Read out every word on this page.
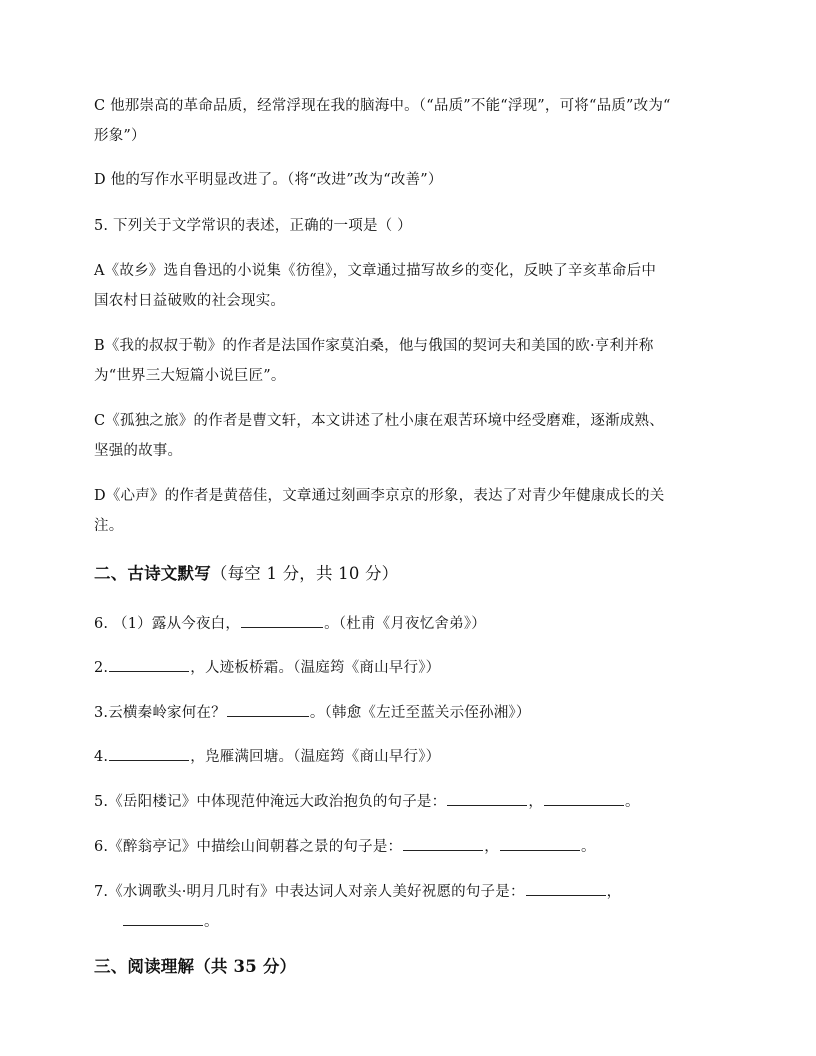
C 他那崇高的革命品质，经常浮现在我的脑海中。（“品质”不能“浮现”，可将“品质”改为“
形象”）
D 他的写作水平明显改进了。（将“改进”改为“改善”）
5. 下列关于文学常识的表述，正确的一项是（ ）
A《故乡》选自鲁迅的小说集《彷徨》，文章通过描写故乡的变化，反映了辛亥革命后中
国农村日益破败的社会现实。
B《我的叔叔于勒》的作者是法国作家莫泊桑，他与俄国的契诃夫和美国的欧·亨利并称
为“世界三大短篇小说巨匠”。
C《孤独之旅》的作者是曹文轩，本文讲述了杜小康在艰苦环境中经受磨难，逐渐成熟、
坚强的故事。
D《心声》的作者是黄蓓佳，文章通过刻画李京京的形象，表达了对青少年健康成长的关
注。
二、古诗文默写（每空 1 分，共 10 分）
6. （1）露从今夜白，	。（杜甫《月夜忆舍弟》）
2.	，人迹板桥霜。（温庭筠《商山早行》）
3.云横秦岭家何在？	。（韩愈《左迁至蓝关示侄孙湘》）
4.	，凫雁满回塘。（温庭筠《商山早行》）
5.《岳阳楼记》中体现范仲淹远大政治抱负的句子是：	，	。
6.《醉翁亭记》中描绘山间朝暮之景的句子是：	，	。
7.《水调歌头·明月几时有》中表达词人对亲人美好祝愿的句子是：	，
。
三、阅读理解（共 35 分）
